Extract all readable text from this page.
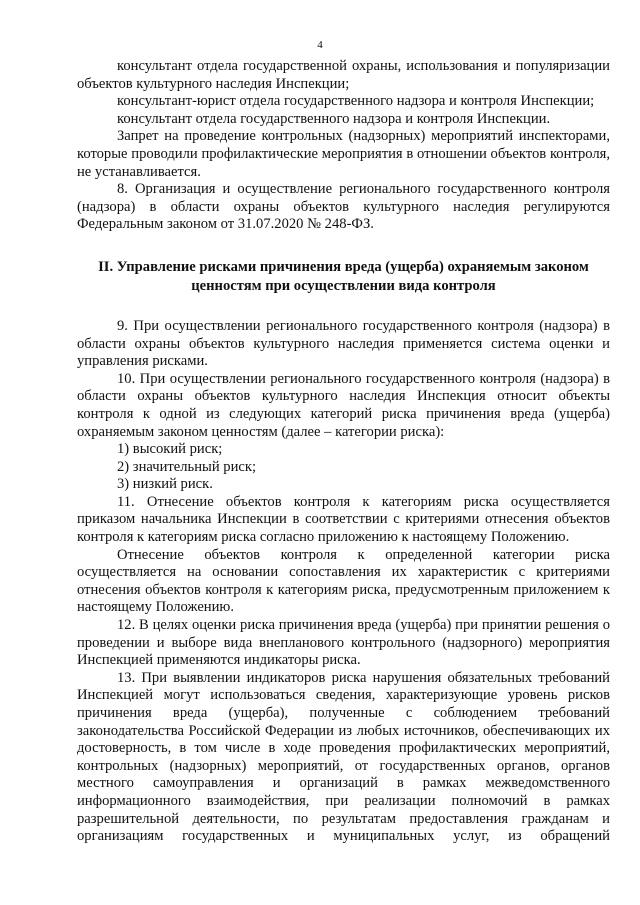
4

консультант отдела государственной охраны, использования и популяризации объектов культурного наследия Инспекции;

консультант-юрист отдела государственного надзора и контроля Инспекции;

консультант отдела государственного надзора и контроля Инспекции.

Запрет на проведение контрольных (надзорных) мероприятий инспекторами, которые проводили профилактические мероприятия в отношении объектов контроля, не устанавливается.

8. Организация и осуществление регионального государственного контроля (надзора) в области охраны объектов культурного наследия регулируются Федеральным законом от 31.07.2020 № 248-ФЗ.

II. Управление рисками причинения вреда (ущерба) охраняемым законом ценностям при осуществлении вида контроля

9. При осуществлении регионального государственного контроля (надзора) в области охраны объектов культурного наследия применяется система оценки и управления рисками.

10. При осуществлении регионального государственного контроля (надзора) в области охраны объектов культурного наследия Инспекция относит объекты контроля к одной из следующих категорий риска причинения вреда (ущерба) охраняемым законом ценностям (далее – категории риска):

1) высокий риск;

2) значительный риск;

3) низкий риск.

11. Отнесение объектов контроля к категориям риска осуществляется приказом начальника Инспекции в соответствии с критериями отнесения объектов контроля к категориям риска согласно приложению к настоящему Положению.

Отнесение объектов контроля к определенной категории риска осуществляется на основании сопоставления их характеристик с критериями отнесения объектов контроля к категориям риска, предусмотренным приложением к настоящему Положению.

12. В целях оценки риска причинения вреда (ущерба) при принятии решения о проведении и выборе вида внепланового контрольного (надзорного) мероприятия Инспекцией применяются индикаторы риска.

13. При выявлении индикаторов риска нарушения обязательных требований Инспекцией могут использоваться сведения, характеризующие уровень рисков причинения вреда (ущерба), полученные с соблюдением требований законодательства Российской Федерации из любых источников, обеспечивающих их достоверность, в том числе в ходе проведения профилактических мероприятий, контрольных (надзорных) мероприятий, от государственных органов, органов местного самоуправления и организаций в рамках межведомственного информационного взаимодействия, при реализации полномочий в рамках разрешительной деятельности, по результатам предоставления гражданам и организациям государственных и муниципальных услуг, из обращений
